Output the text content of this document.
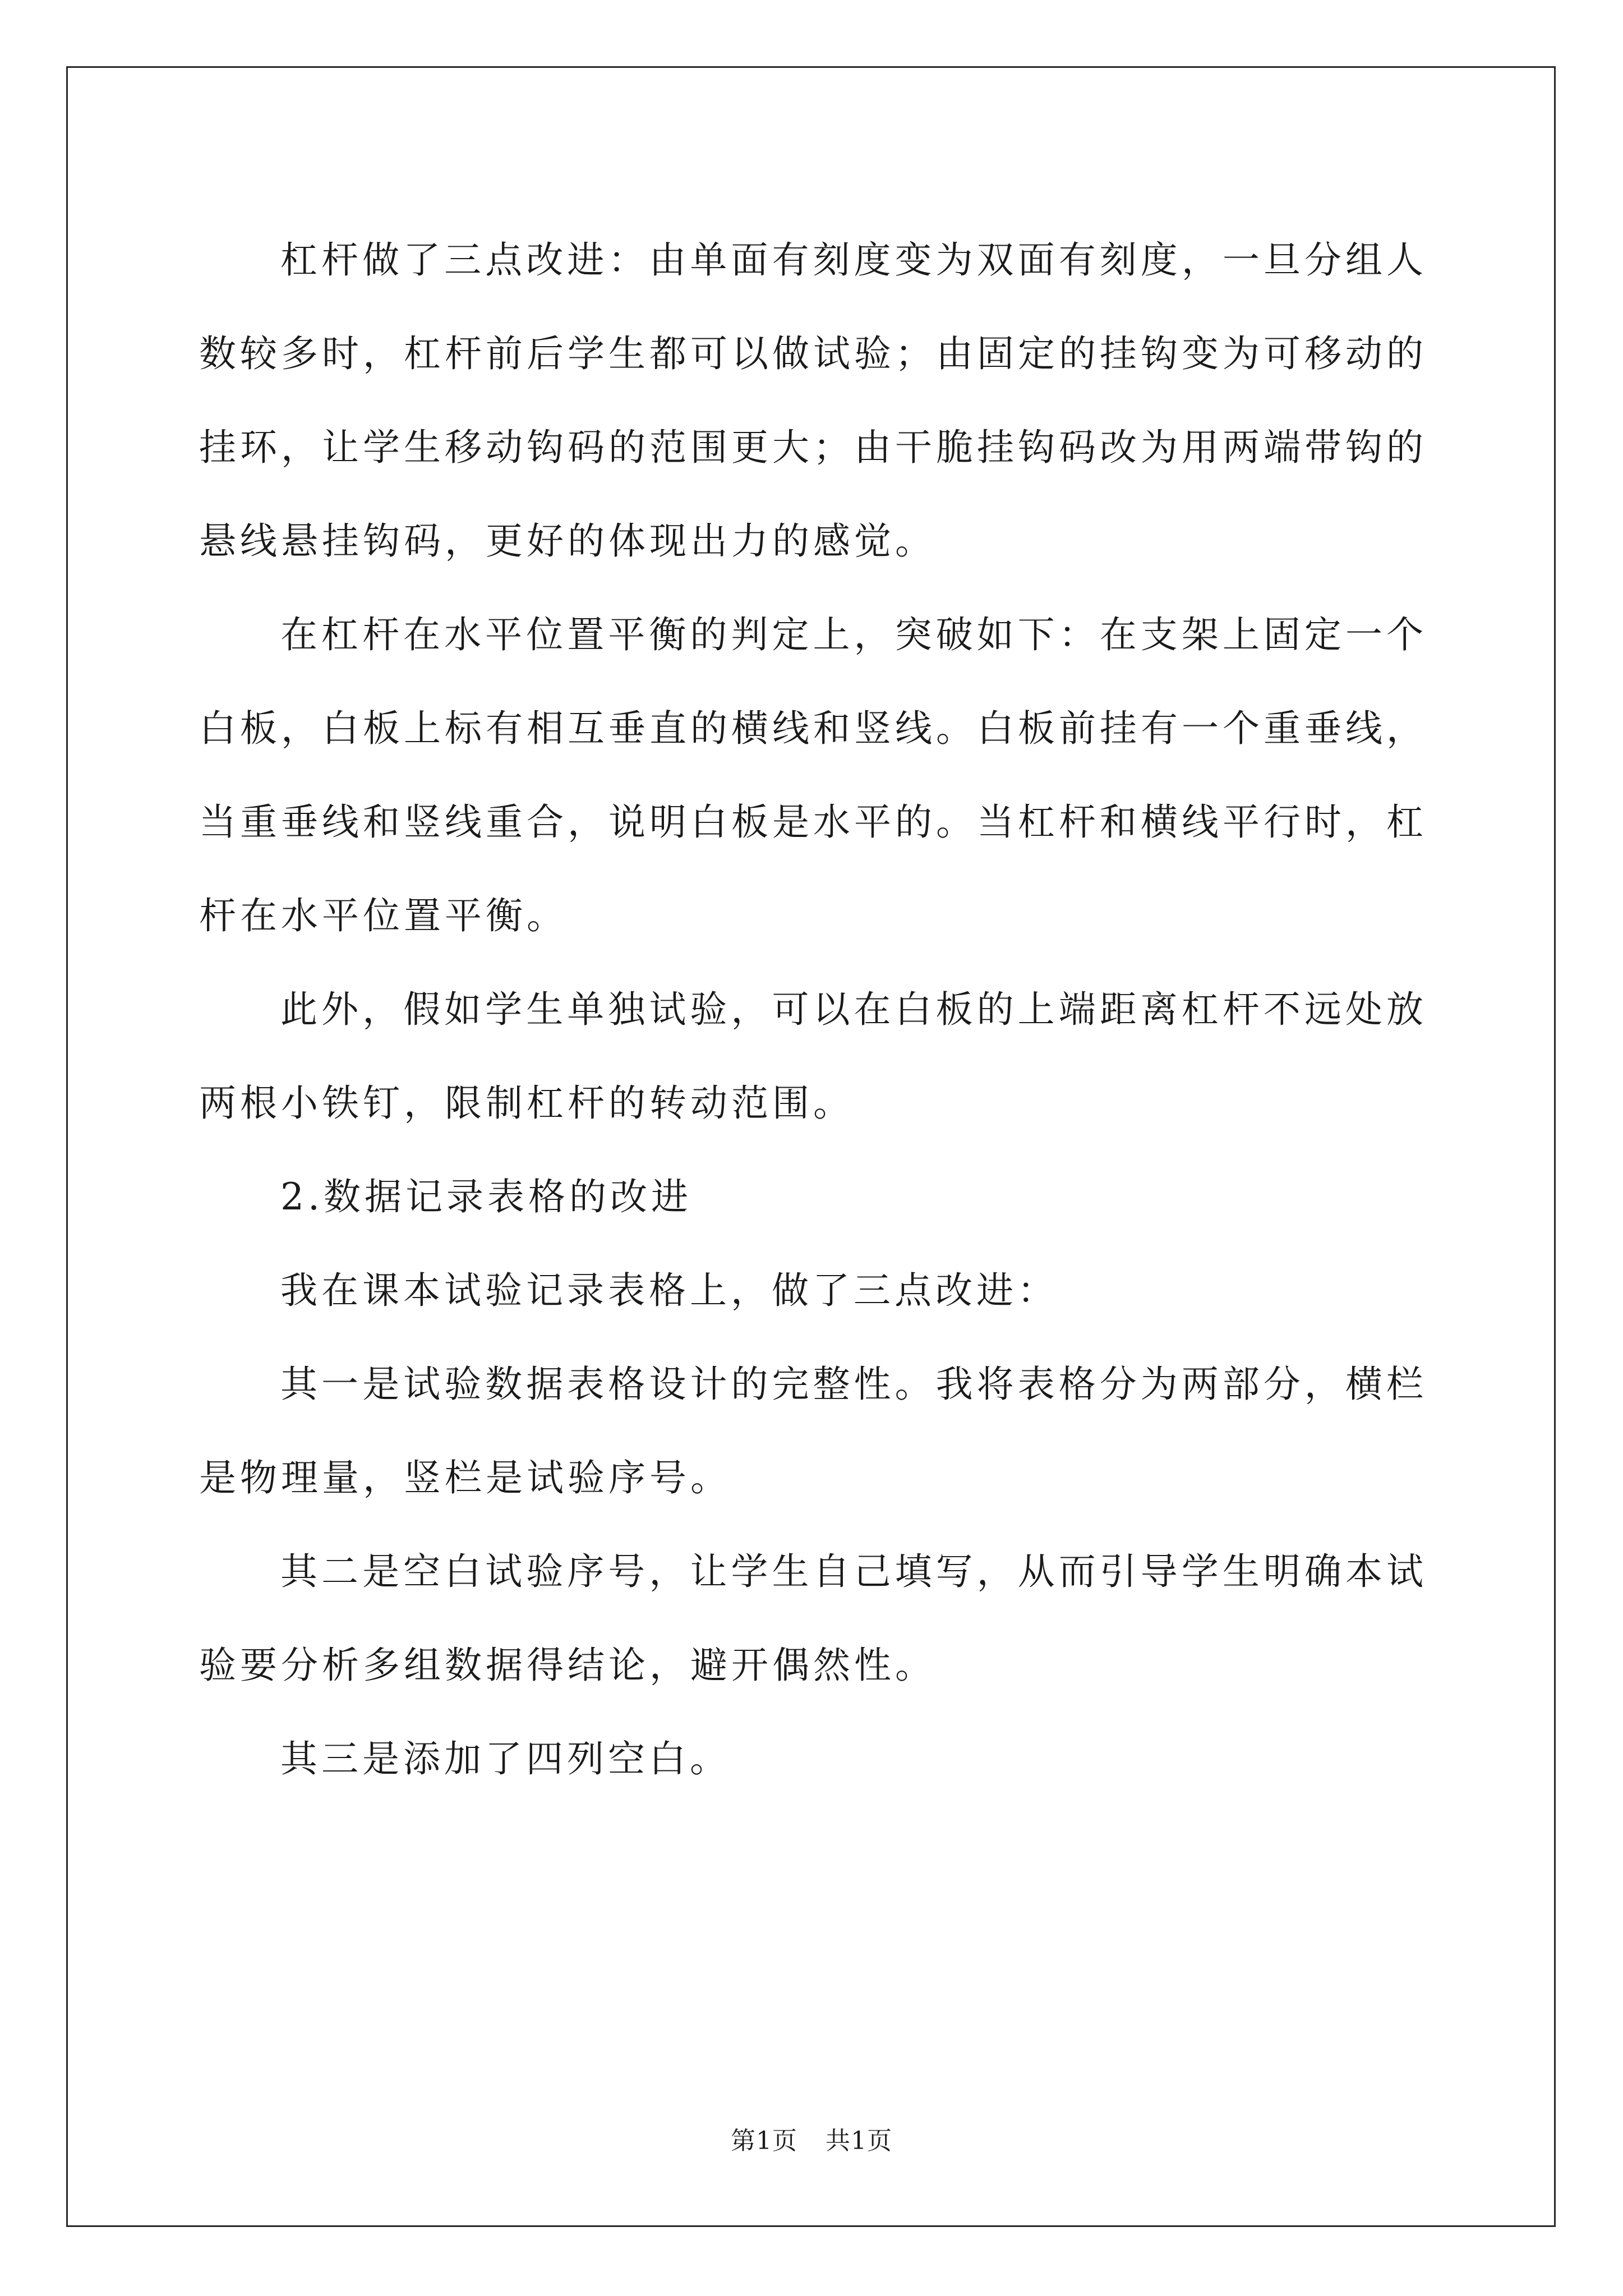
杠杆做了三点改进：由单面有刻度变为双面有刻度，一旦分组人数较多时，杠杆前后学生都可以做试验；由固定的挂钩变为可移动的挂环，让学生移动钩码的范围更大；由干脆挂钩码改为用两端带钩的悬线悬挂钩码，更好的体现出力的感觉。

在杠杆在水平位置平衡的判定上，突破如下：在支架上固定一个白板，白板上标有相互垂直的横线和竖线。白板前挂有一个重垂线，当重垂线和竖线重合，说明白板是水平的。当杠杆和横线平行时，杠杆在水平位置平衡。

此外，假如学生单独试验，可以在白板的上端距离杠杆不远处放两根小铁钉，限制杠杆的转动范围。

2.数据记录表格的改进

我在课本试验记录表格上，做了三点改进：

其一是试验数据表格设计的完整性。我将表格分为两部分，横栏是物理量，竖栏是试验序号。

其二是空白试验序号，让学生自己填写，从而引导学生明确本试验要分析多组数据得结论，避开偶然性。

其三是添加了四列空白。

第1页 共1页
